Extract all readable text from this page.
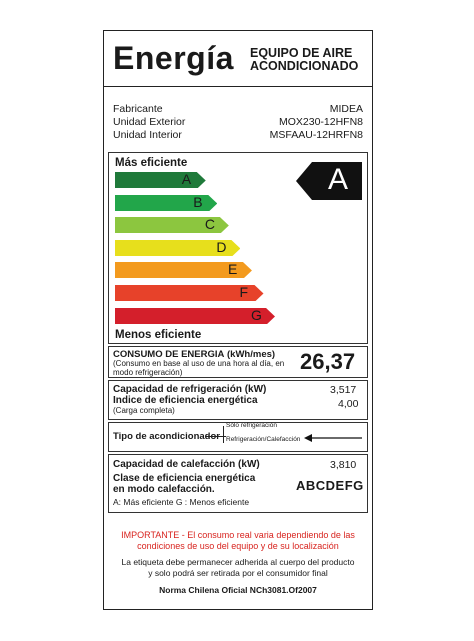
Energía EQUIPO DE AIRE
ACONDICIONADO
Fabricante	MIDEA
Unidad Exterior	MOX230-12HFN8
Unidad Interior	MSFAAU-12HRFN8
Más eficiente
Menos eficiente
A
B
C
D
E
F
G
A
CONSUMO DE ENERGIA (kWh/mes)
(Consumo en base al uso de una hora al día, en
modo refrigeración)	26,37
Capacidad de refrigeración (kW)	3,517
Indice de eficiencia energética	4,00
(Carga completa)
Tipo de acondicionador
Sólo refrigeración
Refrigeración/Calefacción
Capacidad de calefacción (kW)	3,810
Clase de eficiencia energética
en modo calefacción.	ABCDEFG
A: Más eficiente G : Menos eficiente
IMPORTANTE - El consumo real varia dependiendo de las
condiciones de uso del equipo y de su localización
La etiqueta debe permanecer adherida al cuerpo del producto
y solo podrá ser retirada por el consumidor final
Norma Chilena Oficial NCh3081.Of2007
